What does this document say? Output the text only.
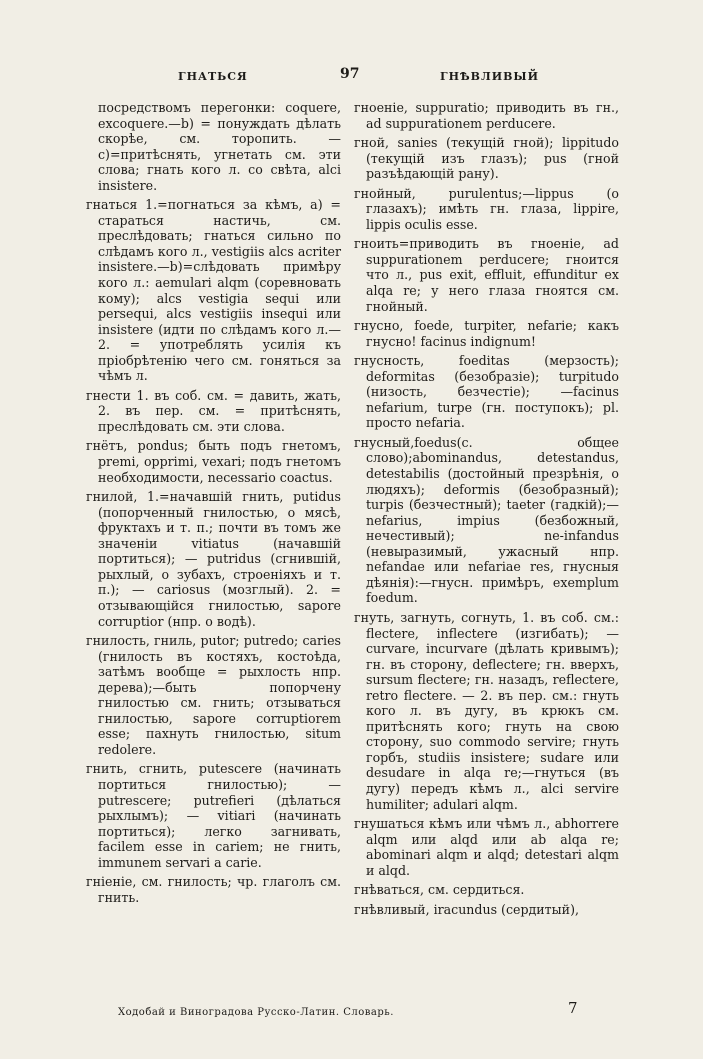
ГНАТЬСЯ	97	ГНѢВЛИВЫЙ

посредствомъ перегонки: coquere, excoquere.—b) = понуждать дѣлать скорѣе, см. торопить. — c)=притѣснять, угнетать см. эти слова; гнать кого л. со свѣта, alci insistere.

гнаться 1.=погнаться за кѣмъ, a) = стараться настичь, см. преслѣдовать; гнаться сильно по слѣдамъ кого л., vestigiis alcs acriter insistere.—b)=слѣдовать примѣру кого л.: aemulari alqm (соревновать кому); alcs vestigia sequi или persequi, alcs vestigiis insequi или insistere (идти по слѣдамъ кого л.—2. = употреблять усилія къ пріобрѣтенію чего см. гоняться за чѣмъ л.

гнести 1. въ соб. см. = давить, жать, 2. въ пер. см. = притѣснять, преслѣдовать см. эти слова.

гнётъ, pondus; быть подъ гнетомъ, premi, opprimi, vexari; подъ гнетомъ необходимости, necessario coactus.

гнилой, 1.=начавшій гнить, putidus (попорченный гнилостью, о мясѣ, фруктахъ и т. п.; почти въ томъ же значеніи vitiatus (начавшій портиться); — putridus (сгнившій, рыхлый, о зубахъ, строеніяхъ и т. п.); — cariosus (мозглый). 2. = отзывающійся гнилостью, sapore corruptior (нпр. о водѣ).

гнилость, гниль, putor; putredo; caries (гнилость въ костяхъ, костоѣда, затѣмъ вообще = рыхлость нпр. дерева);—быть попорчену гнилостью см. гнить; отзываться гнилостью, sapore corruptiorem esse; пахнуть гнилостью, situm redolere.

гнить, сгнить, putescere (начинать портиться гнилостью); — putrescere; putrefieri (дѣлаться рыхлымъ); — vitiari (начинать портиться); легко загнивать, facilem esse in cariem; не гнить, immunem servari a carie.

гніеніе, см. гнилость; чр. глаголъ см. гнить.

гноеніе, suppuratio; приводить въ гн., ad suppurationem perducere.

гной, sanies (текущій гной); lippitudo (текущій изъ глазъ); pus (гной разъѣдающій рану).

гнойный, purulentus;—lippus (о глазахъ); имѣть гн. глаза, lippire, lippis oculis esse.

гноить=приводить въ гноеніе, ad suppurationem perducere; гноится что л., pus exit, effluit, effunditur ex alqa re; у него глаза гноятся см. гнойный.

гнусно, foede, turpiter, nefarie; какъ гнусно! facinus indignum!

гнусность, foeditas (мерзость); deformitas (безобразіе); turpitudo (низость, безчестіе); —facinus nefarium, turpe (гн. поступокъ); pl. просто nefaria.

гнусный,foedus(с. общее слово);abominandus, detestandus, detestabilis (достойный презрѣнія, о людяхъ); deformis (безобразный); turpis (безчестный); taeter (гадкій);—nefarius, impius (безбожный, нечестивый); ne-infandus (невыразимый, ужасный нпр. nefandae или nefariae res, гнусныя дѣянія):—гнусн. примѣръ, exemplum foedum.

гнуть, загнуть, согнуть, 1. въ соб. см.: flectere, inflectere (изгибать); — curvare, incurvare (дѣлать кривымъ); гн. въ сторону, deflectere; гн. вверхъ, sursum flectere; гн. назадъ, reflectere, retro flectere. — 2. въ пер. см.: гнуть кого л. въ дугу, въ крюкъ см. притѣснять кого; гнуть на свою сторону, suo commodo servire; гнуть горбъ, studiis insistere; sudare или desudare in alqa re;—гнуться (въ дугу) передъ кѣмъ л., alci servire humiliter; adulari alqm.

гнушаться кѣмъ или чѣмъ л., abhorrere alqm или alqd или ab alqa re; abominari alqm и alqd; detestari alqm и alqd.

гнѣваться, см. сердиться.

гнѣвливый, iracundus (сердитый),

Ходобай и Виноградова Русско-Латин. Словарь.	7
